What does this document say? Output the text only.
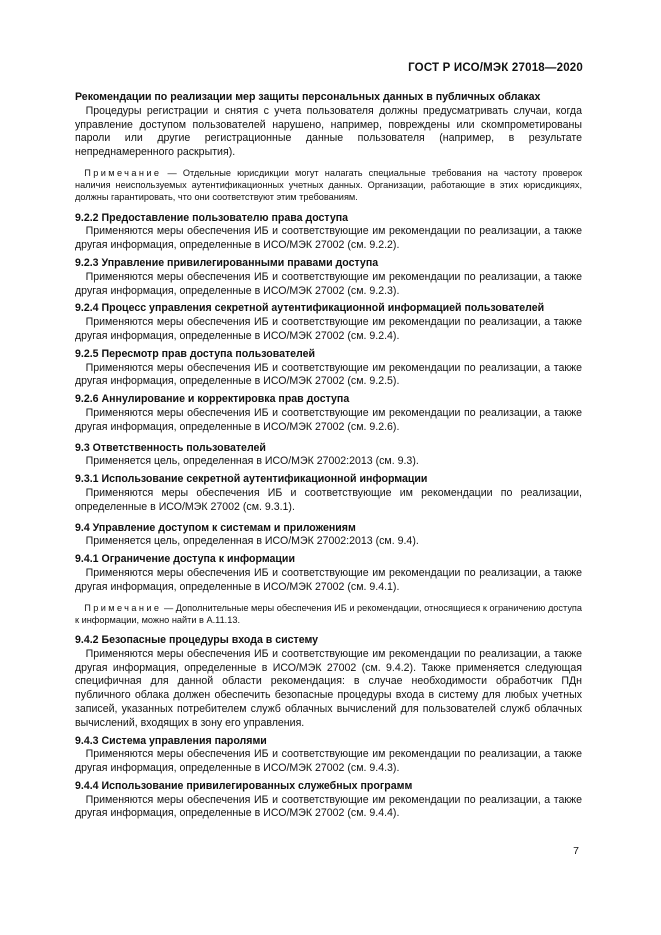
ГОСТ Р ИСО/МЭК 27018—2020
Рекомендации по реализации мер защиты персональных данных в публичных облаках
 Процедуры регистрации и снятия с учета пользователя должны предусматривать случаи, когда управление доступом пользователей нарушено, например, повреждены или скомпрометированы пароли или другие регистрационные данные пользователя (например, в результате непреднамеренного раскрытия).
 Примечание — Отдельные юрисдикции могут налагать специальные требования на частоту проверок наличия неиспользуемых аутентификационных учетных данных. Организации, работающие в этих юрисдикциях, должны гарантировать, что они соответствуют этим требованиям.
9.2.2 Предоставление пользователю права доступа
 Применяются меры обеспечения ИБ и соответствующие им рекомендации по реализации, а также другая информация, определенные в ИСО/МЭК 27002 (см. 9.2.2).
9.2.3 Управление привилегированными правами доступа
 Применяются меры обеспечения ИБ и соответствующие им рекомендации по реализации, а также другая информация, определенные в ИСО/МЭК 27002 (см. 9.2.3).
9.2.4 Процесс управления секретной аутентификационной информацией пользователей
 Применяются меры обеспечения ИБ и соответствующие им рекомендации по реализации, а также другая информация, определенные в ИСО/МЭК 27002 (см. 9.2.4).
9.2.5 Пересмотр прав доступа пользователей
 Применяются меры обеспечения ИБ и соответствующие им рекомендации по реализации, а также другая информация, определенные в ИСО/МЭК 27002 (см. 9.2.5).
9.2.6 Аннулирование и корректировка прав доступа
 Применяются меры обеспечения ИБ и соответствующие им рекомендации по реализации, а также другая информация, определенные в ИСО/МЭК 27002 (см. 9.2.6).
9.3 Ответственность пользователей
 Применяется цель, определенная в ИСО/МЭК 27002:2013 (см. 9.3).
9.3.1 Использование секретной аутентификационной информации
 Применяются меры обеспечения ИБ и соответствующие им рекомендации по реализации, определенные в ИСО/МЭК 27002 (см. 9.3.1).
9.4 Управление доступом к системам и приложениям
 Применяется цель, определенная в ИСО/МЭК 27002:2013 (см. 9.4).
9.4.1 Ограничение доступа к информации
 Применяются меры обеспечения ИБ и соответствующие им рекомендации по реализации, а также другая информация, определенные в ИСО/МЭК 27002 (см. 9.4.1).
 Примечание — Дополнительные меры обеспечения ИБ и рекомендации, относящиеся к ограничению доступа к информации, можно найти в А.11.13.
9.4.2 Безопасные процедуры входа в систему
 Применяются меры обеспечения ИБ и соответствующие им рекомендации по реализации, а также другая информация, определенные в ИСО/МЭК 27002 (см. 9.4.2). Также применяется следующая специфичная для данной области рекомендация: в случае необходимости обработчик ПДн публичного облака должен обеспечить безопасные процедуры входа в систему для любых учетных записей, указанных потребителем служб облачных вычислений для пользователей служб облачных вычислений, входящих в зону его управления.
9.4.3 Система управления паролями
 Применяются меры обеспечения ИБ и соответствующие им рекомендации по реализации, а также другая информация, определенные в ИСО/МЭК 27002 (см. 9.4.3).
9.4.4 Использование привилегированных служебных программ
 Применяются меры обеспечения ИБ и соответствующие им рекомендации по реализации, а также другая информация, определенные в ИСО/МЭК 27002 (см. 9.4.4).
7
